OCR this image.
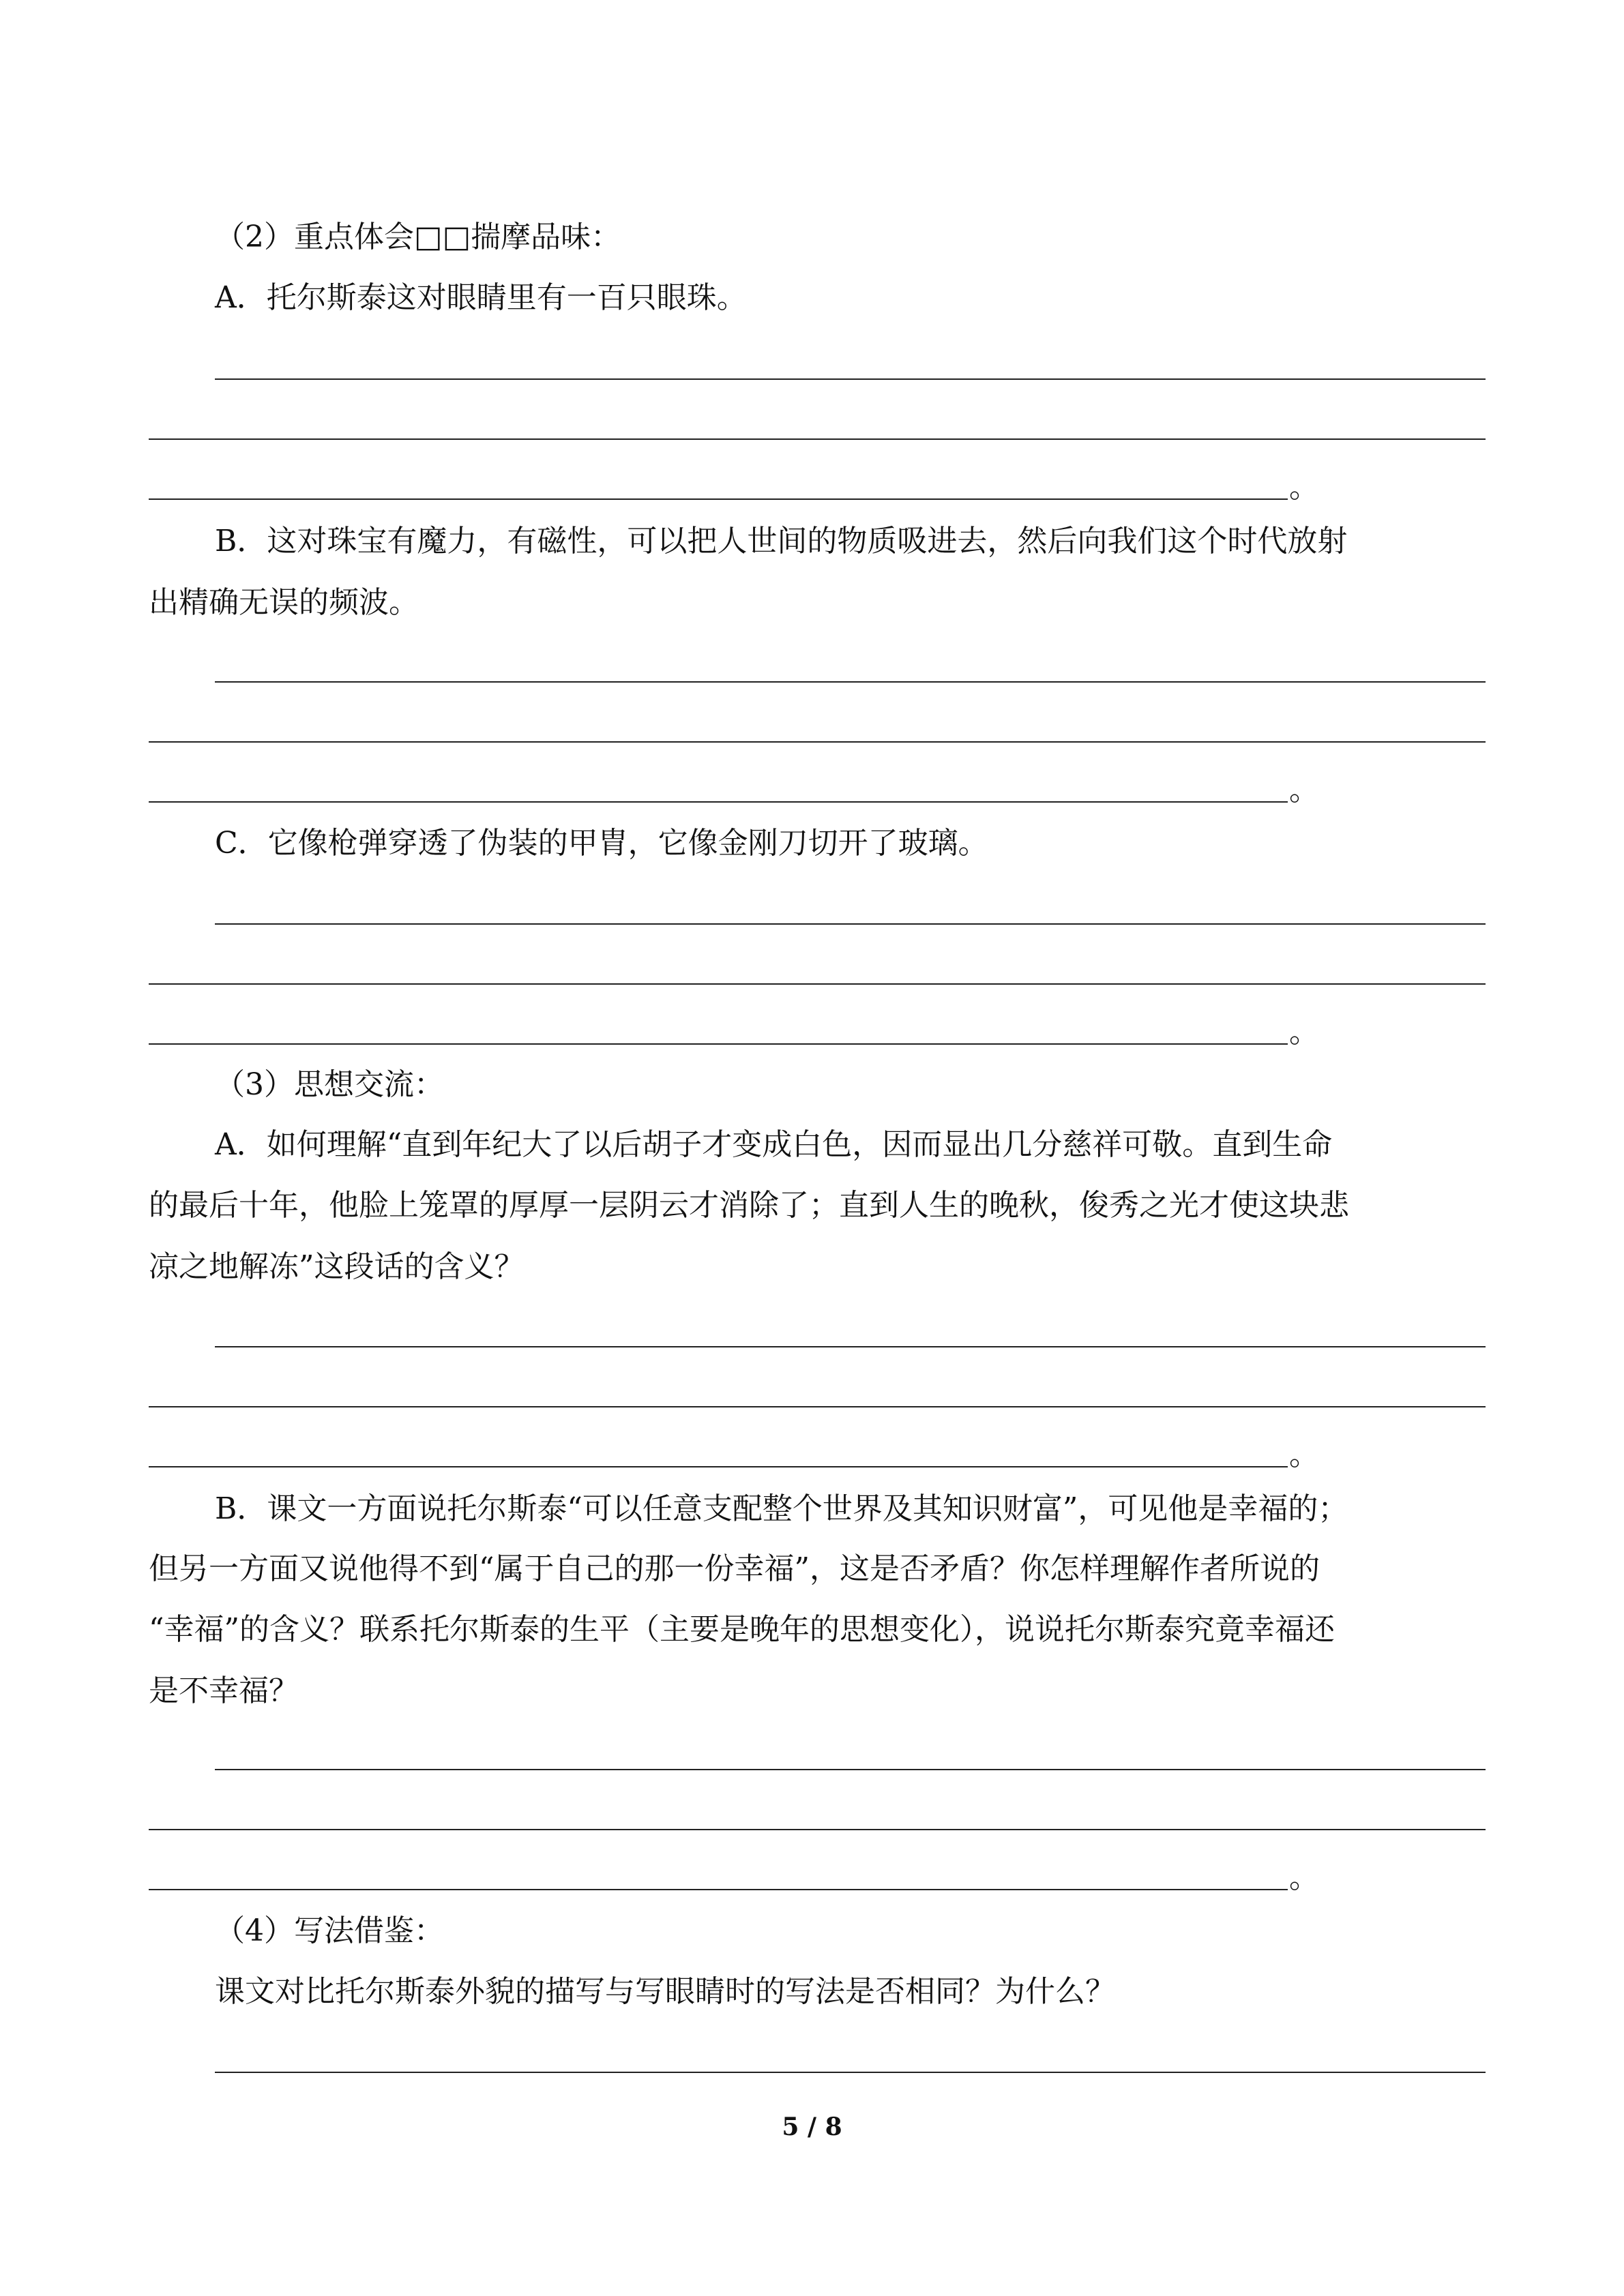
（2）重点体会□□揣摩品味：

A．托尔斯泰这对眼睛里有一百只眼珠。

。

B．这对珠宝有魔力，有磁性，可以把人世间的物质吸进去，然后向我们这个时代放射

出精确无误的频波。

。

C．它像枪弹穿透了伪装的甲胄，它像金刚刀切开了玻璃。

。

（3）思想交流：

A．如何理解“直到年纪大了以后胡子才变成白色，因而显出几分慈祥可敬。直到生命

的最后十年，他脸上笼罩的厚厚一层阴云才消除了；直到人生的晚秋，俊秀之光才使这块悲

凉之地解冻”这段话的含义？

。

B．课文一方面说托尔斯泰“可以任意支配整个世界及其知识财富”，可见他是幸福的；

但另一方面又说他得不到“属于自己的那一份幸福”，这是否矛盾？你怎样理解作者所说的

“幸福”的含义？联系托尔斯泰的生平（主要是晚年的思想变化），说说托尔斯泰究竟幸福还

是不幸福？

。

（4）写法借鉴：

课文对比托尔斯泰外貌的描写与写眼睛时的写法是否相同？为什么？

5 / 8
